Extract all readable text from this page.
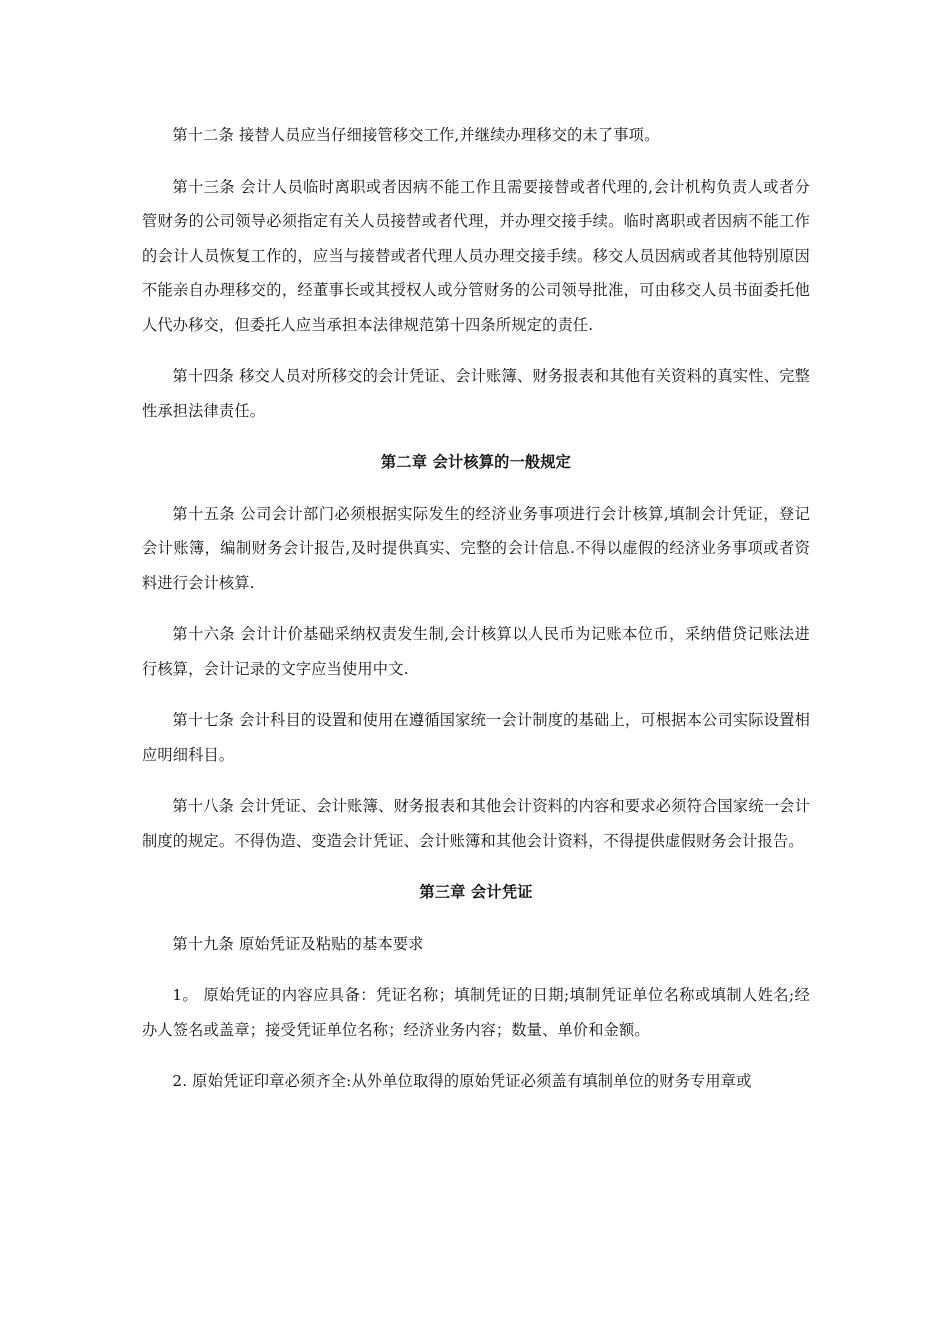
第十二条 接替人员应当仔细接管移交工作,并继续办理移交的未了事项。

第十三条 会计人员临时离职或者因病不能工作且需要接替或者代理的,会计机构负责人或者分管财务的公司领导必须指定有关人员接替或者代理，并办理交接手续。临时离职或者因病不能工作的会计人员恢复工作的，应当与接替或者代理人员办理交接手续。移交人员因病或者其他特别原因不能亲自办理移交的，经董事长或其授权人或分管财务的公司领导批准，可由移交人员书面委托他人代办移交，但委托人应当承担本法律规范第十四条所规定的责任.

第十四条 移交人员对所移交的会计凭证、会计账簿、财务报表和其他有关资料的真实性、完整性承担法律责任。

第二章 会计核算的一般规定

第十五条 公司会计部门必须根据实际发生的经济业务事项进行会计核算,填制会计凭证，登记会计账簿，编制财务会计报告,及时提供真实、完整的会计信息.不得以虚假的经济业务事项或者资料进行会计核算.

第十六条 会计计价基础采纳权责发生制,会计核算以人民币为记账本位币，采纳借贷记账法进行核算，会计记录的文字应当使用中文.

第十七条 会计科目的设置和使用在遵循国家统一会计制度的基础上，可根据本公司实际设置相应明细科目。

第十八条 会计凭证、会计账簿、财务报表和其他会计资料的内容和要求必须符合国家统一会计制度的规定。不得伪造、变造会计凭证、会计账簿和其他会计资料，不得提供虚假财务会计报告。

第三章 会计凭证

第十九条 原始凭证及粘贴的基本要求

1。 原始凭证的内容应具备：凭证名称；填制凭证的日期;填制凭证单位名称或填制人姓名;经办人签名或盖章；接受凭证单位名称；经济业务内容；数量、单价和金额。

2. 原始凭证印章必须齐全:从外单位取得的原始凭证必须盖有填制单位的财务专用章或
